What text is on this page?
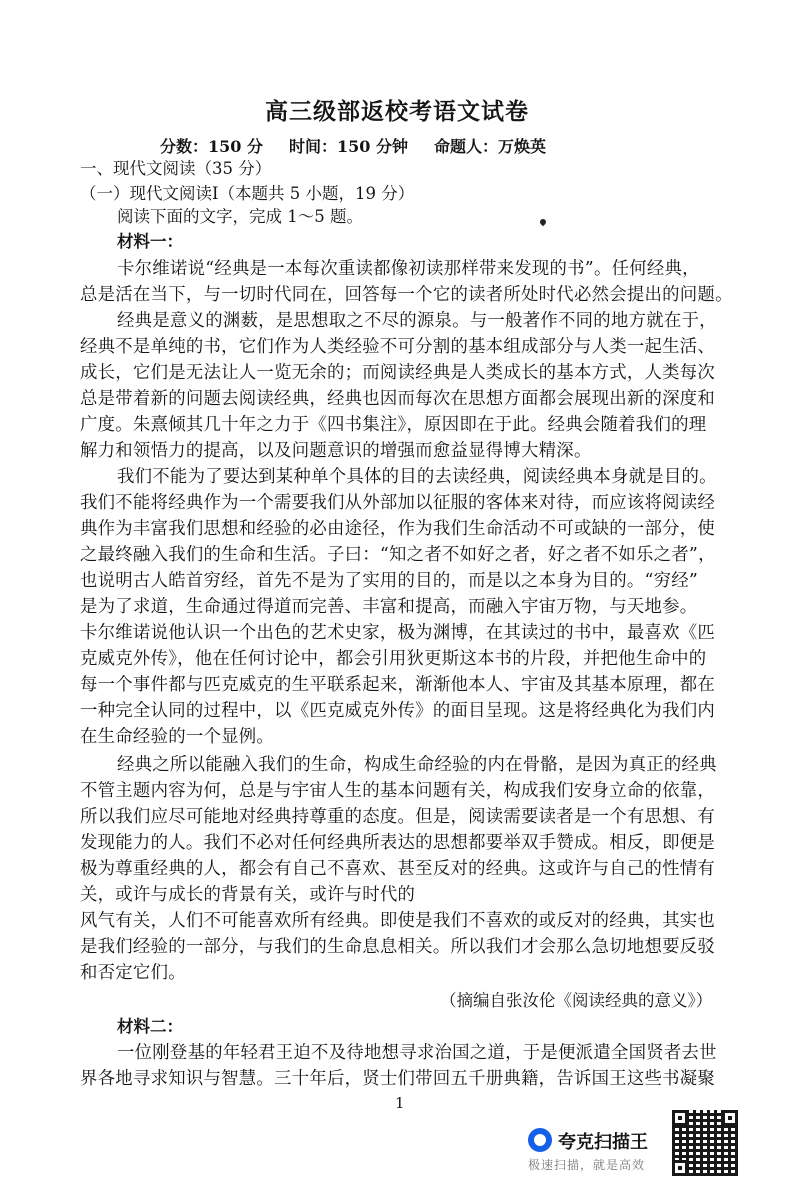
高三级部返校考语文试卷
分数：150 分 时间：150 分钟 命题人：万焕英
一、现代文阅读（35 分）
（一）现代文阅读Ⅰ（本题共 5 小题，19 分）
阅读下面的文字，完成 1～5 题。
材料一：
卡尔维诺说“经典是一本每次重读都像初读那样带来发现的书”。任何经典，
总是活在当下，与一切时代同在，回答每一个它的读者所处时代必然会提出的问题。
经典是意义的渊薮，是思想取之不尽的源泉。与一般著作不同的地方就在于，
经典不是单纯的书，它们作为人类经验不可分割的基本组成部分与人类一起生活、
成长，它们是无法让人一览无余的；而阅读经典是人类成长的基本方式，人类每次
总是带着新的问题去阅读经典，经典也因而每次在思想方面都会展现出新的深度和
广度。朱熹倾其几十年之力于《四书集注》，原因即在于此。经典会随着我们的理
解力和领悟力的提高，以及问题意识的增强而愈益显得博大精深。
我们不能为了要达到某种单个具体的目的去读经典，阅读经典本身就是目的。
我们不能将经典作为一个需要我们从外部加以征服的客体来对待，而应该将阅读经
典作为丰富我们思想和经验的必由途径，作为我们生命活动不可或缺的一部分，使
之最终融入我们的生命和生活。子曰：“知之者不如好之者，好之者不如乐之者”，
也说明古人皓首穷经，首先不是为了实用的目的，而是以之本身为目的。“穷经”
是为了求道，生命通过得道而完善、丰富和提高，而融入宇宙万物，与天地参。
卡尔维诺说他认识一个出色的艺术史家，极为渊博，在其读过的书中，最喜欢《匹
克威克外传》，他在任何讨论中，都会引用狄更斯这本书的片段，并把他生命中的
每一个事件都与匹克威克的生平联系起来，渐渐他本人、宇宙及其基本原理，都在
一种完全认同的过程中，以《匹克威克外传》的面目呈现。这是将经典化为我们内
在生命经验的一个显例。
经典之所以能融入我们的生命，构成生命经验的内在骨骼，是因为真正的经典
不管主题内容为何，总是与宇宙人生的基本问题有关，构成我们安身立命的依靠，
所以我们应尽可能地对经典持尊重的态度。但是，阅读需要读者是一个有思想、有
发现能力的人。我们不必对任何经典所表达的思想都要举双手赞成。相反，即便是
极为尊重经典的人，都会有自己不喜欢、甚至反对的经典。这或许与自己的性情有
关，或许与成长的背景有关，或许与时代的
风气有关，人们不可能喜欢所有经典。即使是我们不喜欢的或反对的经典，其实也
是我们经验的一部分，与我们的生命息息相关。所以我们才会那么急切地想要反驳
和否定它们。
（摘编自张汝伦《阅读经典的意义》）
材料二：
一位刚登基的年轻君王迫不及待地想寻求治国之道，于是便派遣全国贤者去世
界各地寻求知识与智慧。三十年后，贤士们带回五千册典籍，告诉国王这些书凝聚
1
夸克扫描王
极速扫描，就是高效
